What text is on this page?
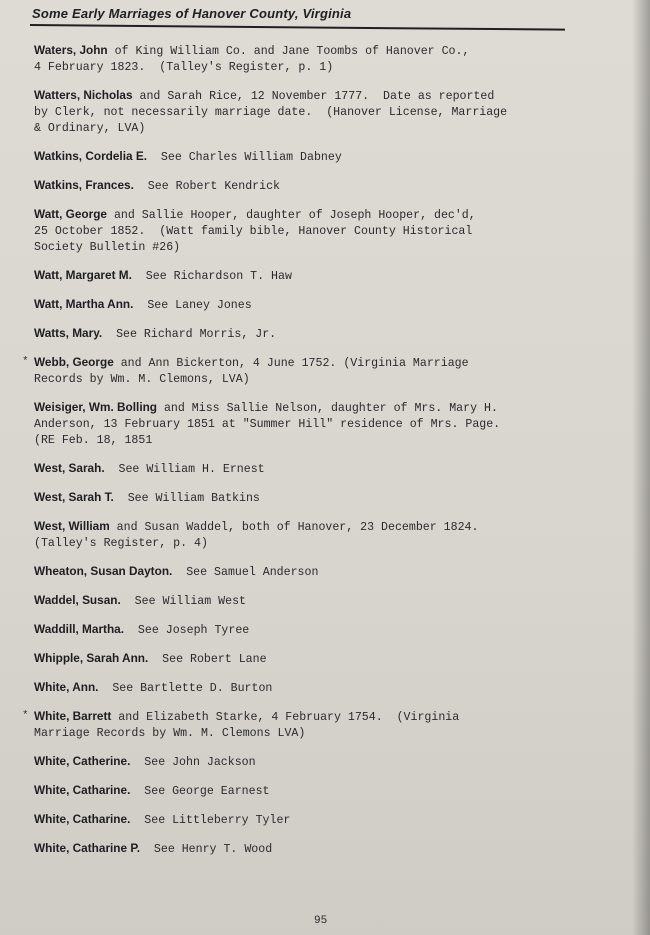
Some Early Marriages of Hanover County, Virginia
Waters, John of King William Co. and Jane Toombs of Hanover Co.,
4 February 1823.  (Talley's Register, p. 1)
Watters, Nicholas and Sarah Rice, 12 November 1777.  Date as reported
by Clerk, not necessarily marriage date.  (Hanover License, Marriage
& Ordinary, LVA)
Watkins, Cordelia E.  See Charles William Dabney
Watkins, Frances.  See Robert Kendrick
Watt, George and Sallie Hooper, daughter of Joseph Hooper, dec'd,
25 October 1852.  (Watt family bible, Hanover County Historical
Society Bulletin #26)
Watt, Margaret M.  See Richardson T. Haw
Watt, Martha Ann.  See Laney Jones
Watts, Mary.  See Richard Morris, Jr.
* Webb, George and Ann Bickerton, 4 June 1752. (Virginia Marriage
Records by Wm. M. Clemons, LVA)
Weisiger, Wm. Bolling and Miss Sallie Nelson, daughter of Mrs. Mary H.
Anderson, 13 February 1851 at "Summer Hill" residence of Mrs. Page.
(RE Feb. 18, 1851
West, Sarah.  See William H. Ernest
West, Sarah T.  See William Batkins
West, William and Susan Waddel, both of Hanover, 23 December 1824.
(Talley's Register, p. 4)
Wheaton, Susan Dayton.  See Samuel Anderson
Waddel, Susan.  See William West
Waddill, Martha.  See Joseph Tyree
Whipple, Sarah Ann.  See Robert Lane
White, Ann.  See Bartlette D. Burton
* White, Barrett and Elizabeth Starke, 4 February 1754.  (Virginia
Marriage Records by Wm. M. Clemons LVA)
White, Catherine.  See John Jackson
White, Catharine.  See George Earnest
White, Catharine.  See Littleberry Tyler
White, Catharine P.  See Henry T. Wood
95
